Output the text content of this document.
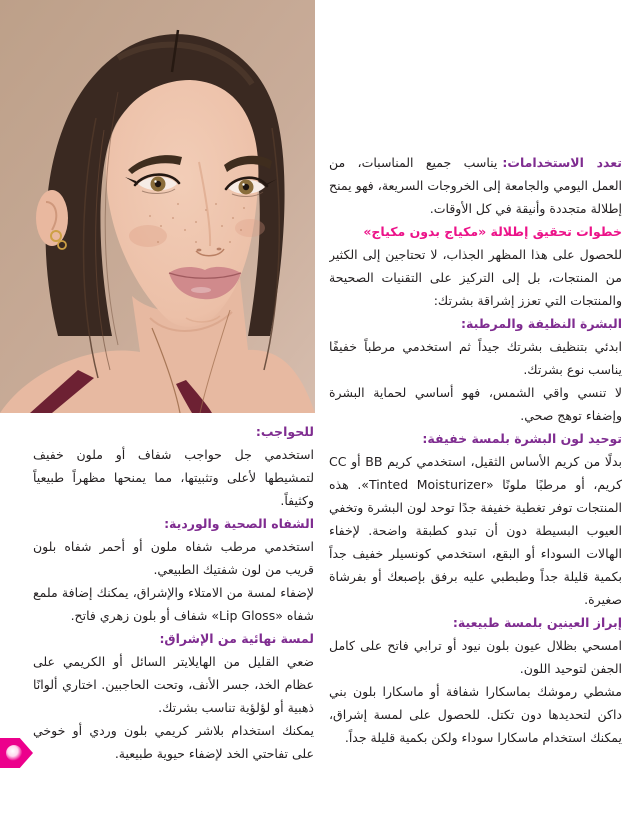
تعدد الاستخدامات:يناسب جميع المناسبات، من العمل اليومي والجامعة إلى الخروجات السريعة، فهو يمنح إطلالة متجددة وأنيقة في كل الأوقات.

خطوات تحقيق إطلالة «مكياج بدون مكياج»

للحصول على هذا المظهر الجذاب، لا تحتاجين إلى الكثير من المنتجات، بل إلى التركيز على التقنيات الصحيحة والمنتجات التي تعزز إشراقة بشرتك:

البشرة النظيفة والمرطبة:

ابدئي بتنظيف بشرتك جيداً ثم استخدمي مرطباً خفيفًا يناسب نوع بشرتك.

لا تنسي واقي الشمس، فهو أساسي لحماية البشرة وإضفاء توهج صحي.

توحيد لون البشرة بلمسة خفيفة:

بدلًا من كريم الأساس الثقيل، استخدمي كريم BB أو CC كريم، أو مرطبًا ملونًا «Tinted Moisturizer». هذه المنتجات توفر تغطية خفيفة جدًا توحد لون البشرة وتخفي العيوب البسيطة دون أن تبدو كطبقة واضحة. لإخفاء الهالات السوداء أو البقع، استخدمي كونسيلر خفيف جداً بكمية قليلة جداً وطبطبي عليه برفق بإصبعك أو بفرشاة صغيرة.

إبراز العينين بلمسة طبيعية:

امسحي بظلال عيون بلون نيود أو ترابي فاتح على كامل الجفن لتوحيد اللون.

مشطي رموشك بماسكارا شفافة أو ماسكارا بلون بني داكن لتحديدها دون تكتل. للحصول على لمسة إشراق، يمكنك استخدام ماسكارا سوداء ولكن بكمية قليلة جداً.

للحواجب:

استخدمي جل حواجب شفاف أو ملون خفيف لتمشيطها لأعلى وتثبيتها، مما يمنحها مظهراً طبيعياً وكثيفاً.

الشفاه الصحية والوردية:

استخدمي مرطب شفاه ملون أو أحمر شفاه بلون قريب من لون شفتيك الطبيعي.

لإضفاء لمسة من الامتلاء والإشراق، يمكنك إضافة ملمع شفاه «Lip Gloss» شفاف أو بلون زهري فاتح.

لمسة نهائية من الإشراق:

ضعي القليل من الهايلايتر السائل أو الكريمي على عظام الخد، جسر الأنف، وتحت الحاجبين. اختاري ألوانًا ذهبية أو لؤلؤية تناسب بشرتك.

يمكنك استخدام بلاشر كريمي بلون وردي أو خوخي على تفاحتي الخد لإضفاء حيوية طبيعية.
